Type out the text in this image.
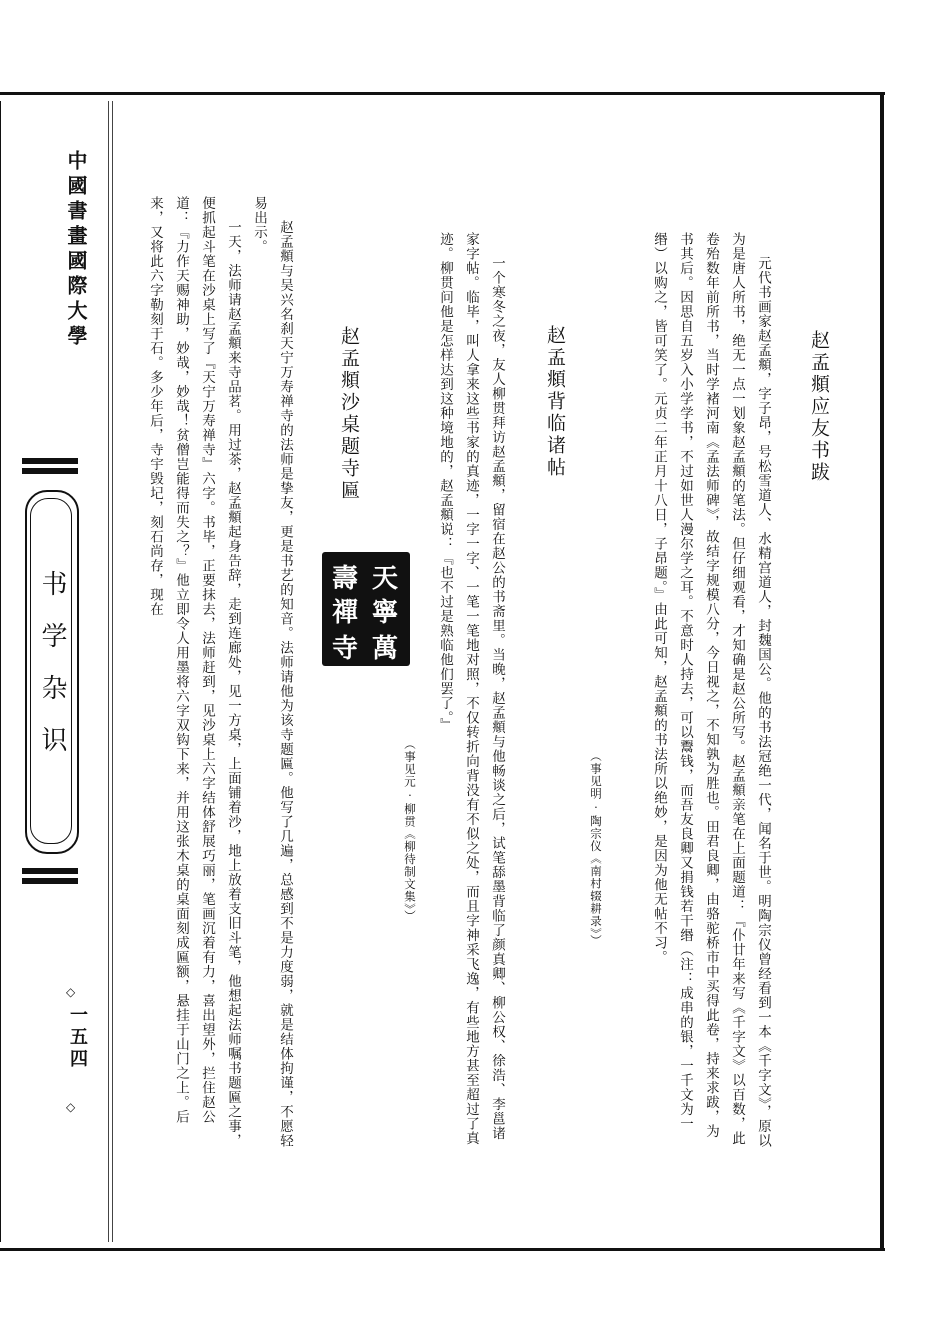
中國書畫國際大學
书学杂识
◇
一五四
◇
赵孟頫应友书跋

元代书画家赵孟頫，字子昂，号松雪道人、水精宫道人，封魏国公。他的书法冠绝一代，闻名于世。明陶宗仪曾经看到一本《千字文》，原以为是唐人所书，绝无一点一划象赵孟頫的笔法。但仔细观看，才知确是赵公所写。赵孟頫亲笔在上面题道：『仆廿年来写《千字文》以百数，此卷殆数年前所书，当时学褚河南《孟法师碑》，故结字规模八分，今日视之，不知孰为胜也。田君良卿，由骆驼桥市中买得此卷，持来求跋，为书其后。因思自五岁入小学学书，不过如世人漫尔学之耳。不意时人持去，可以鬻钱，而吾友良卿又捐钱若干缗（注：成串的银，一千文为一缗）以购之，皆可笑了。元贞二年正月十八日，子昂题。』由此可知，赵孟頫的书法所以绝妙，是因为他无帖不习。

（事见明·陶宗仪《南村辍耕录》）
赵孟頫背临诸帖

一个寒冬之夜，友人柳贯拜访赵孟頫，留宿在赵公的书斋里。当晚，赵孟頫与他畅谈之后，试笔舔墨背临了颜真卿、柳公权、徐浩、李邕诸家字帖。临毕，叫人拿来这些书家的真迹，一字一字、一笔一笔地对照，不仅转折向背没有不似之处，而且字神采飞逸，有些地方甚至超过了真迹。柳贯问他是怎样达到这种境地的，赵孟頫说：『也不过是熟临他们罢了。』

（事见元·柳贯《柳待制文集》）
赵孟頫沙桌题寺匾
天
寧
萬
壽
禪
寺

赵孟頫与吴兴名刹天宁万寿禅寺的法师是挚友，更是书艺的知音。法师请他为该寺题匾。他写了几遍，总感到不是力度弱，就是结体拘谨，不愿轻易出示。

一天，法师请赵孟頫来寺品茗。用过茶，赵孟頫起身告辞，走到连廊处，见一方桌，上面铺着沙，地上放着支旧斗笔，他想起法师嘱书题匾之事，便抓起斗笔在沙桌上写了『天宁万寿禅寺』六字。书毕，正要抹去，法师赶到，见沙桌上六字结体舒展巧丽，笔画沉着有力，喜出望外，拦住赵公道：『力作天赐神助，妙哉，妙哉！贫僧岂能得而失之？』他立即令人用墨将六字双钩下来，并用这张木桌的桌面刻成匾额，悬挂于山门之上。后来，又将此六字勒刻于石。多少年后，寺宇毁圮，刻石尚存，现在
